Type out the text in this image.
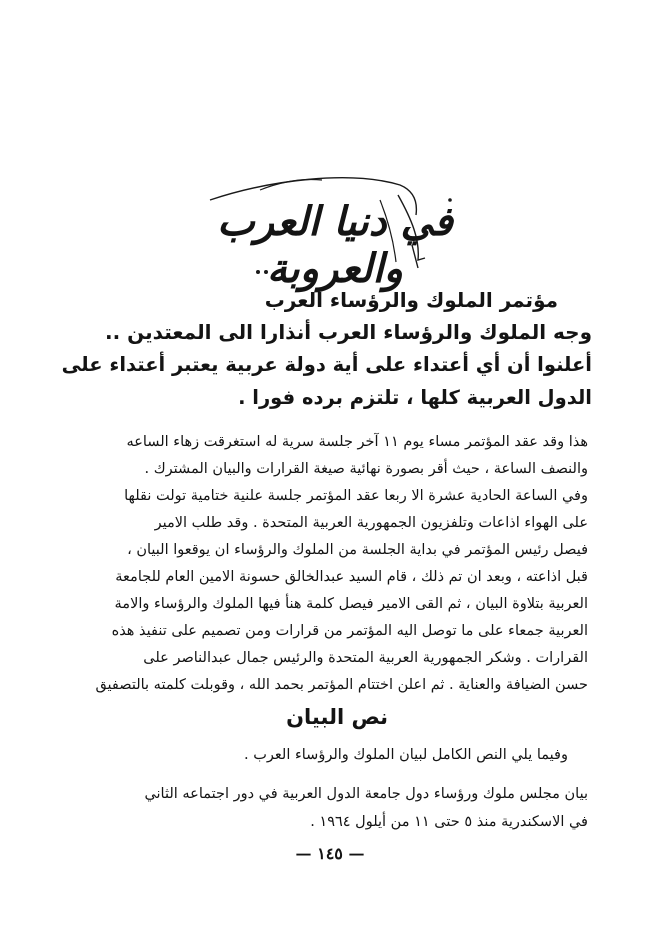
في دنيا العرب والعروبة
مؤتمر الملوك والرؤساء العرب
وجه الملوك والرؤساء العرب أنذارا الى المعتدين ..
أعلنوا أن أي أعتداء على أية دولة عربية يعتبر أعتداء على
الدول العربية كلها ، تلتزم برده فورا .
هذا وقد عقد المؤتمر مساء يوم ١١ آخر جلسة سرية له استغرقت زهاء الساعه
والنصف الساعة ، حيث أقر بصورة نهائية صيغة القرارات والبيان المشترك .
وفي الساعة الحادية عشرة الا ربعا عقد المؤتمر جلسة علنية ختامية تولت نقلها
على الهواء اذاعات وتلفزيون الجمهورية العربية المتحدة . وقد طلب الامير
فيصل رئيس المؤتمر في بداية الجلسة من الملوك والرؤساء ان يوقعوا البيان ،
قبل اذاعته ، وبعد ان تم ذلك ، قام السيد عبدالخالق حسونة الامين العام للجامعة
العربية بتلاوة البيان ، ثم القى الامير فيصل كلمة هنأ فيها الملوك والرؤساء والامة
العربية جمعاء على ما توصل اليه المؤتمر من قرارات ومن تصميم على تنفيذ هذه
القرارات . وشكر الجمهورية العربية المتحدة والرئيس جمال عبدالناصر على
حسن الضيافة والعناية . ثم اعلن اختتام المؤتمر بحمد الله ، وقوبلت كلمته بالتصفيق
نص البيان
وفيما يلي النص الكامل لبيان الملوك والرؤساء العرب .
بيان مجلس ملوك ورؤساء دول جامعة الدول العربية في دور اجتماعه الثاني
في الاسكندرية منذ ٥ حتى ١١ من أيلول ١٩٦٤ .
— ١٤٥ —
